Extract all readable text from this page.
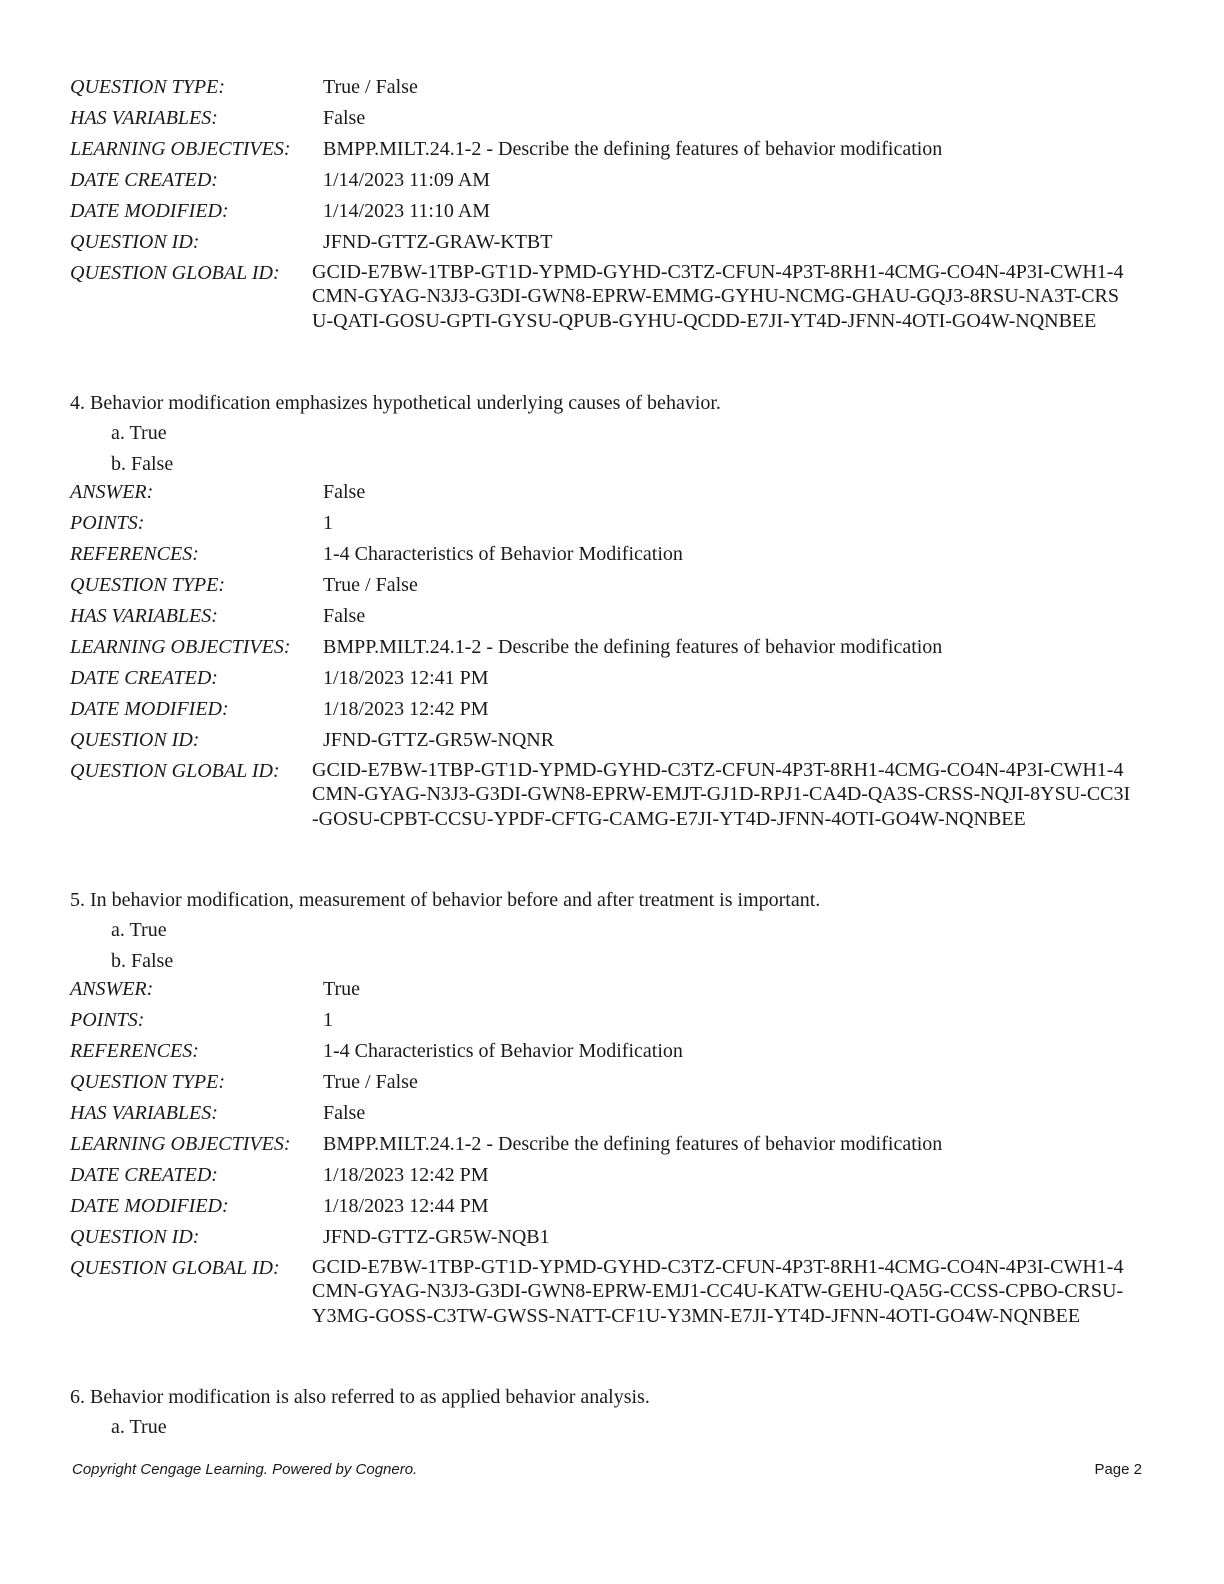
QUESTION TYPE:	True / False
HAS VARIABLES:	False
LEARNING OBJECTIVES: BMPP.MILT.24.1-2 - Describe the defining features of behavior modification
DATE CREATED:	1/14/2023 11:09 AM
DATE MODIFIED:	1/14/2023 11:10 AM
QUESTION ID:	JFND-GTTZ-GRAW-KTBT
QUESTION GLOBAL ID: GCID-E7BW-1TBP-GT1D-YPMD-GYHD-C3TZ-CFUN-4P3T-8RH1-4CMG-CO4N-4P3I-CWH1-4CMN-GYAG-N3J3-G3DI-GWN8-EPRW-EMMG-GYHU-NCMG-GHAU-GQJ3-8RSU-NA3T-CRSU-QATI-GOSU-GPTI-GYSU-QPUB-GYHU-QCDD-E7JI-YT4D-JFNN-4OTI-GO4W-NQNBEE
4. Behavior modification emphasizes hypothetical underlying causes of behavior.
a. True
b. False
ANSWER:	False
POINTS:	1
REFERENCES:	1-4 Characteristics of Behavior Modification
QUESTION TYPE:	True / False
HAS VARIABLES:	False
LEARNING OBJECTIVES: BMPP.MILT.24.1-2 - Describe the defining features of behavior modification
DATE CREATED:	1/18/2023 12:41 PM
DATE MODIFIED:	1/18/2023 12:42 PM
QUESTION ID:	JFND-GTTZ-GR5W-NQNR
QUESTION GLOBAL ID: GCID-E7BW-1TBP-GT1D-YPMD-GYHD-C3TZ-CFUN-4P3T-8RH1-4CMG-CO4N-4P3I-CWH1-4CMN-GYAG-N3J3-G3DI-GWN8-EPRW-EMJT-GJ1D-RPJ1-CA4D-QA3S-CRSS-NQJI-8YSU-CC3I-GOSU-CPBT-CCSU-YPDF-CFTG-CAMG-E7JI-YT4D-JFNN-4OTI-GO4W-NQNBEE
5. In behavior modification, measurement of behavior before and after treatment is important.
a. True
b. False
ANSWER:	True
POINTS:	1
REFERENCES:	1-4 Characteristics of Behavior Modification
QUESTION TYPE:	True / False
HAS VARIABLES:	False
LEARNING OBJECTIVES: BMPP.MILT.24.1-2 - Describe the defining features of behavior modification
DATE CREATED:	1/18/2023 12:42 PM
DATE MODIFIED:	1/18/2023 12:44 PM
QUESTION ID:	JFND-GTTZ-GR5W-NQB1
QUESTION GLOBAL ID: GCID-E7BW-1TBP-GT1D-YPMD-GYHD-C3TZ-CFUN-4P3T-8RH1-4CMG-CO4N-4P3I-CWH1-4CMN-GYAG-N3J3-G3DI-GWN8-EPRW-EMJ1-CC4U-KATW-GEHU-QA5G-CCSS-CPBO-CRSU-Y3MG-GOSS-C3TW-GWSS-NATT-CF1U-Y3MN-E7JI-YT4D-JFNN-4OTI-GO4W-NQNBEE
6. Behavior modification is also referred to as applied behavior analysis.
a. True
Copyright Cengage Learning. Powered by Cognero.	Page 2
